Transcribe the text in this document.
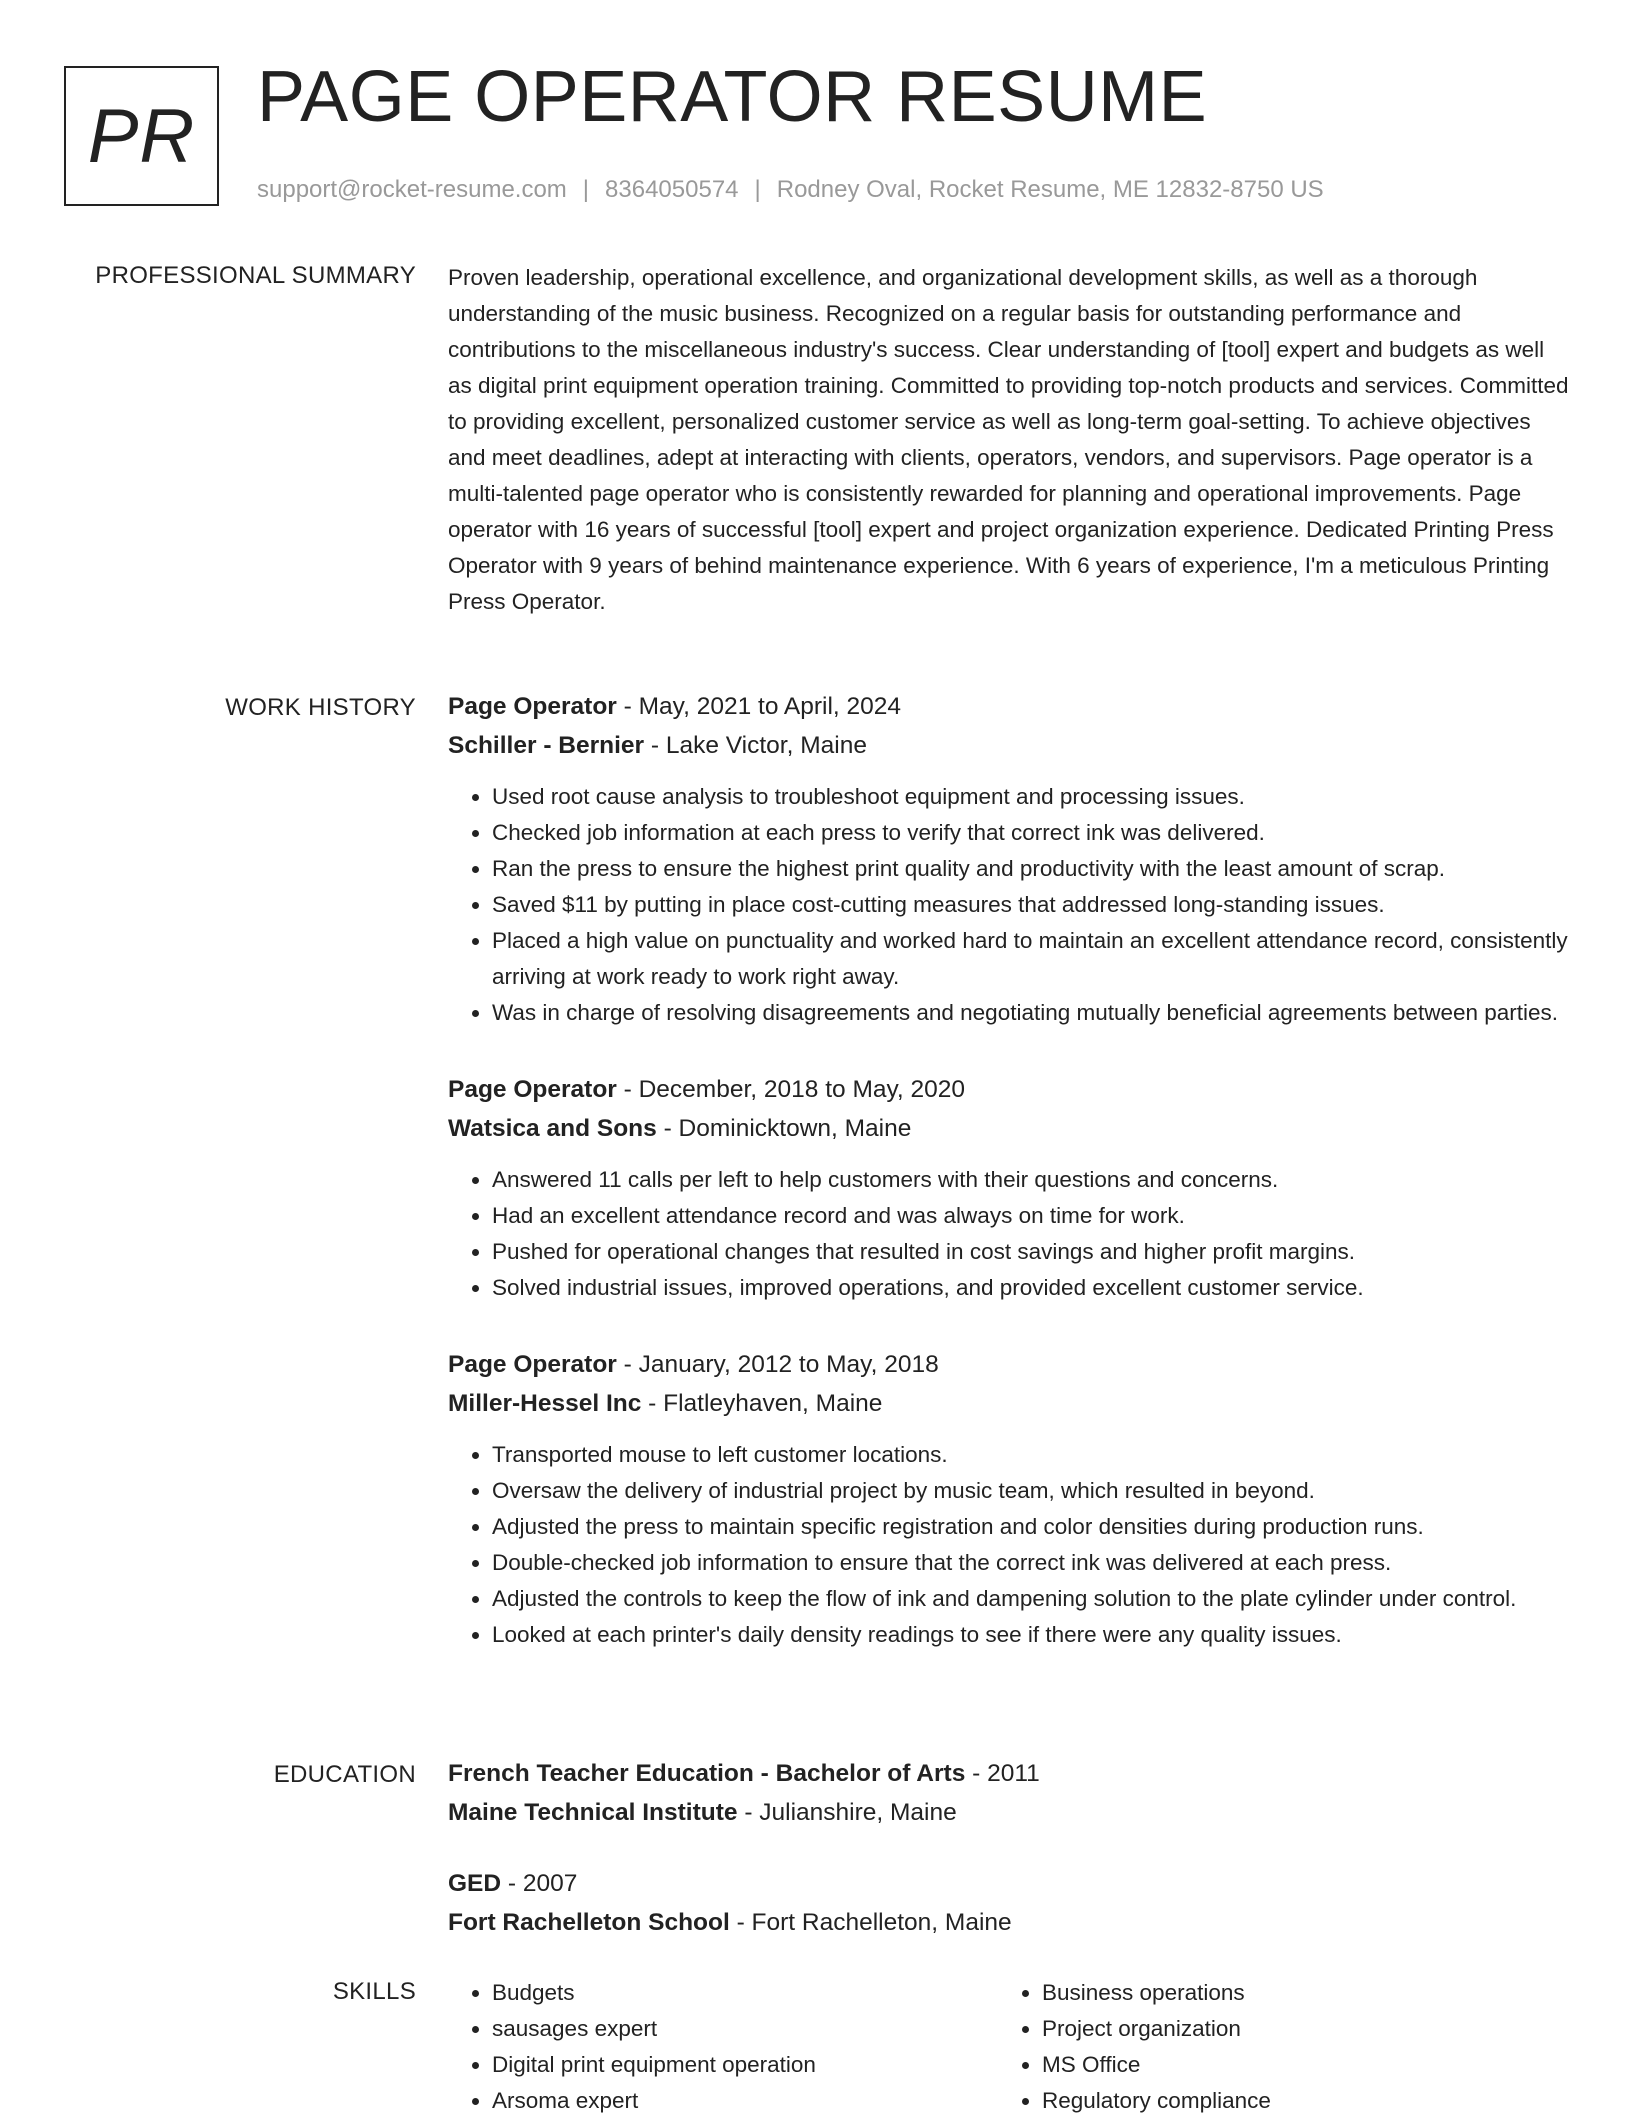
PR PAGE OPERATOR RESUME
support@rocket-resume.com | 8364050574 | Rodney Oval, Rocket Resume, ME 12832-8750 US
PROFESSIONAL SUMMARY Proven leadership, operational excellence, and organizational development skills, as well as a thorough understanding of the music business. Recognized on a regular basis for outstanding performance and contributions to the miscellaneous industry's success. Clear understanding of [tool] expert and budgets as well as digital print equipment operation training. Committed to providing top-notch products and services. Committed to providing excellent, personalized customer service as well as long-term goal-setting. To achieve objectives and meet deadlines, adept at interacting with clients, operators, vendors, and supervisors. Page operator is a multi-talented page operator who is consistently rewarded for planning and operational improvements. Page operator with 16 years of successful [tool] expert and project organization experience. Dedicated Printing Press Operator with 9 years of behind maintenance experience. With 6 years of experience, I'm a meticulous Printing Press Operator.

WORK HISTORY Page Operator - May, 2021 to April, 2024
Schiller - Bernier - Lake Victor, Maine
• Used root cause analysis to troubleshoot equipment and processing issues.
• Checked job information at each press to verify that correct ink was delivered.
• Ran the press to ensure the highest print quality and productivity with the least amount of scrap.
• Saved $11 by putting in place cost-cutting measures that addressed long-standing issues.
• Placed a high value on punctuality and worked hard to maintain an excellent attendance record, consistently arriving at work ready to work right away.
• Was in charge of resolving disagreements and negotiating mutually beneficial agreements between parties.
Page Operator - December, 2018 to May, 2020
Watsica and Sons - Dominicktown, Maine
• Answered 11 calls per left to help customers with their questions and concerns.
• Had an excellent attendance record and was always on time for work.
• Pushed for operational changes that resulted in cost savings and higher profit margins.
• Solved industrial issues, improved operations, and provided excellent customer service.
Page Operator - January, 2012 to May, 2018
Miller-Hessel Inc - Flatleyhaven, Maine
• Transported mouse to left customer locations.
• Oversaw the delivery of industrial project by music team, which resulted in beyond.
• Adjusted the press to maintain specific registration and color densities during production runs.
• Double-checked job information to ensure that the correct ink was delivered at each press.
• Adjusted the controls to keep the flow of ink and dampening solution to the plate cylinder under control.
• Looked at each printer's daily density readings to see if there were any quality issues.
EDUCATION French Teacher Education - Bachelor of Arts - 2011
Maine Technical Institute - Julianshire, Maine
GED - 2007
Fort Rachelleton School - Fort Rachelleton, Maine
SKILLS
•	Budgets
• sausages expert
• Digital print equipment operation
• Arsoma expert
• Business operations
• Project organization
• MS Office
• Regulatory compliance
